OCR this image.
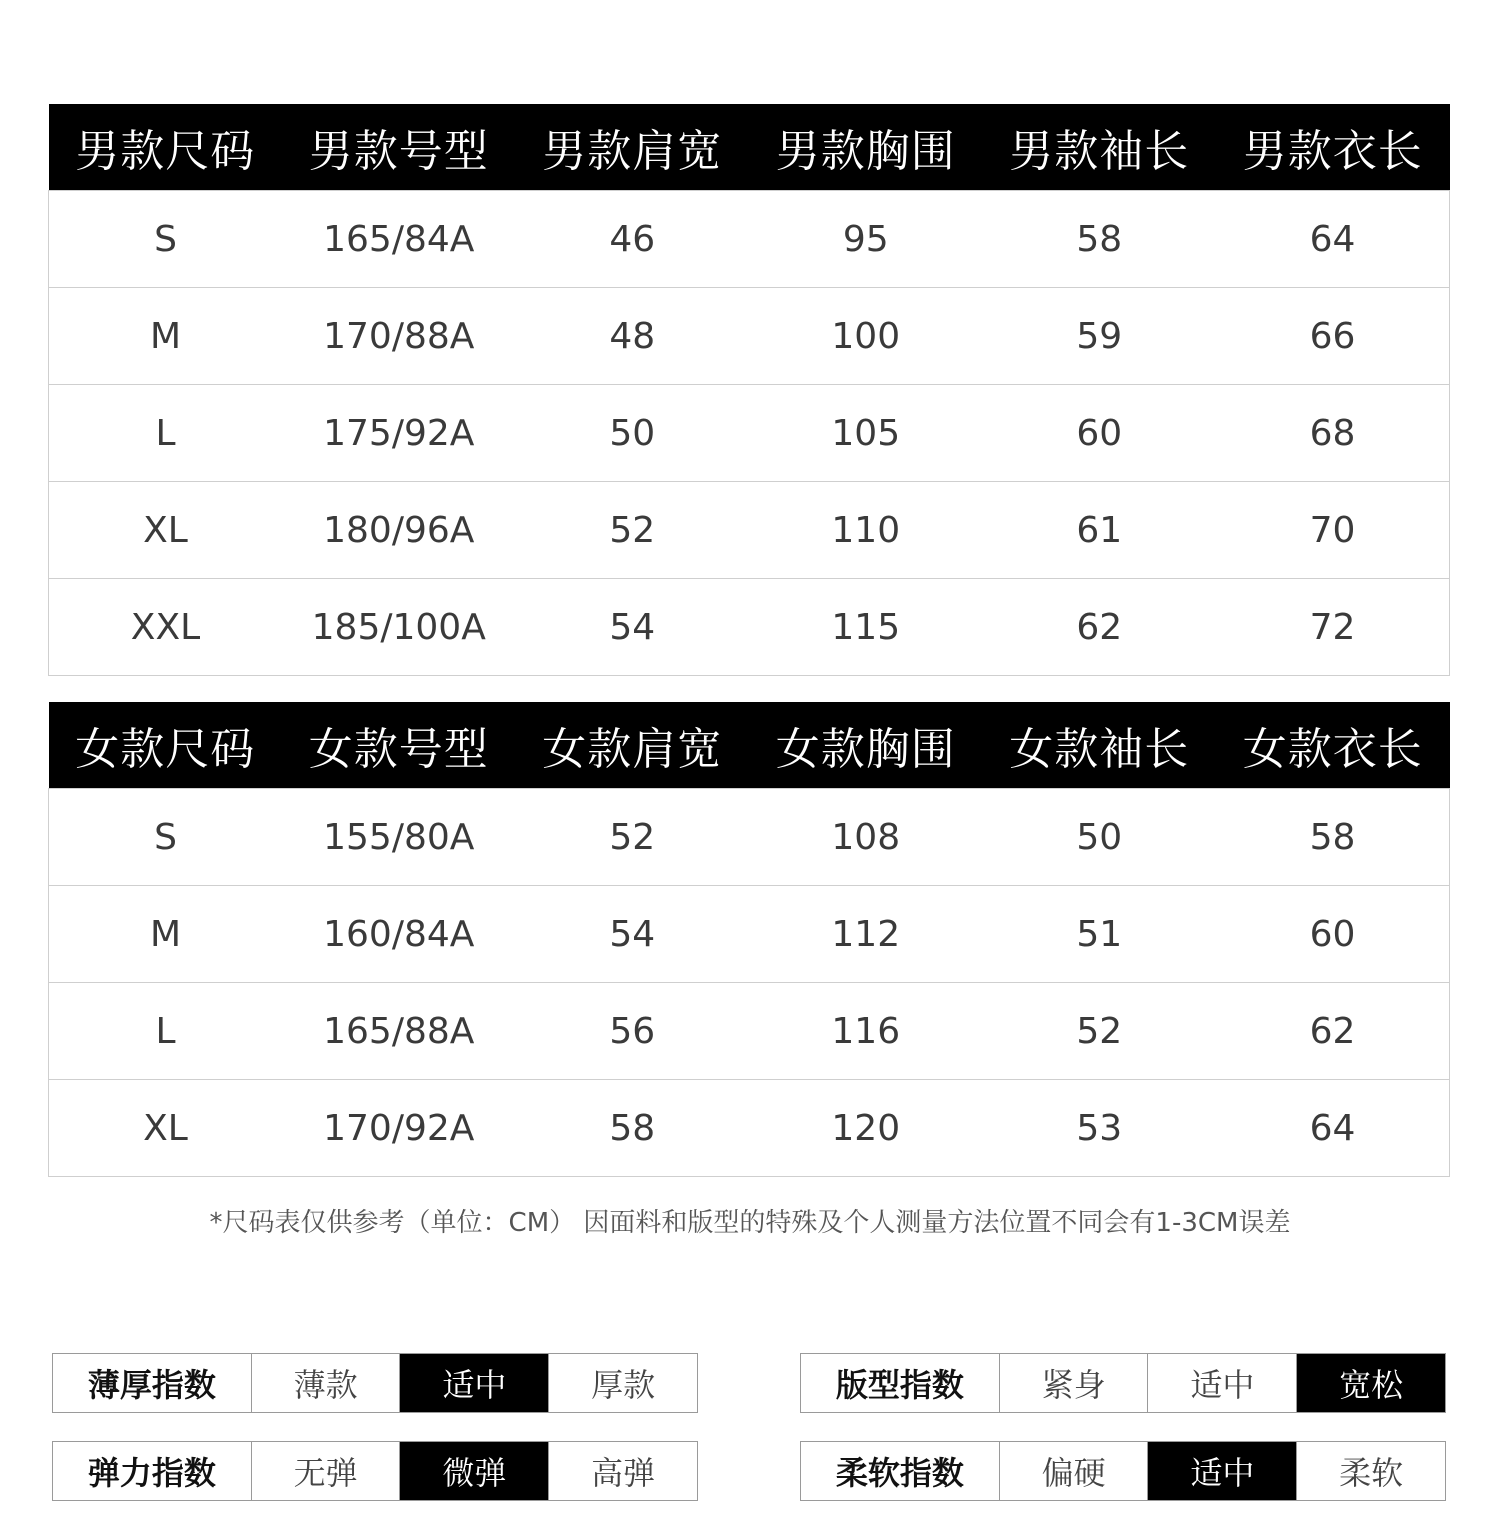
男款尺码	男款号型	男款肩宽	男款胸围	男款袖长	男款衣长
S	165/84A	46	95	58	64
M	170/88A	48	100	59	66
L	175/92A	50	105	60	68
XL	180/96A	52	110	61	70
XXL	185/100A	54	115	62	72
女款尺码	女款号型	女款肩宽	女款胸围	女款袖长	女款衣长
S	155/80A	52	108	50	58
M	160/84A	54	112	51	60
L	165/88A	56	116	52	62
XL	170/92A	58	120	53	64
*尺码表仅供参考（单位：CM） 因面料和版型的特殊及个人测量方法位置不同会有1-3CM误差
薄厚指数	薄款	适中	厚款
弹力指数	无弹	微弹	高弹
版型指数	紧身	适中	宽松
柔软指数	偏硬	适中	柔软
